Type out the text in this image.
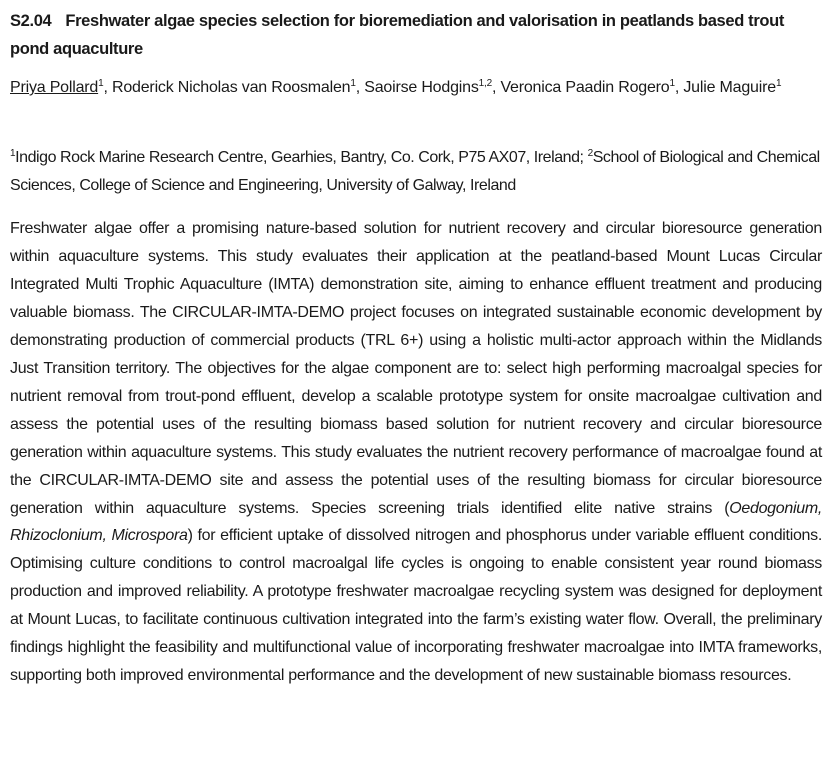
S2.04 Freshwater algae species selection for bioremediation and valorisation in peatlands based trout pond aquaculture
Priya Pollard$^1$, Roderick Nicholas van Roosmalen$^1$, Saoirse Hodgins$^{1,2}$, Veronica Paadin Rogero$^1$, Julie Maguire$^1$
$^1$Indigo Rock Marine Research Centre, Gearhies, Bantry, Co. Cork, P75 AX07, Ireland; $^2$School of Biological and Chemical Sciences, College of Science and Engineering, University of Galway, Ireland
Freshwater algae offer a promising nature-based solution for nutrient recovery and circular bioresource generation within aquaculture systems. This study evaluates their application at the peatland-based Mount Lucas Circular Integrated Multi Trophic Aquaculture (IMTA) demonstration site, aiming to enhance effluent treatment and producing valuable biomass. The CIRCULAR-IMTA-DEMO project focuses on integrated sustainable economic development by demonstrating production of commercial products (TRL 6+) using a holistic multi-actor approach within the Midlands Just Transition territory. The objectives for the algae component are to: select high performing macroalgal species for nutrient removal from trout-pond effluent, develop a scalable prototype system for onsite macroalgae cultivation and assess the potential uses of the resulting biomass based solution for nutrient recovery and circular bioresource generation within aquaculture systems. This study evaluates the nutrient recovery performance of macroalgae found at the CIRCULAR-IMTA-DEMO site and assess the potential uses of the resulting biomass for circular bioresource generation within aquaculture systems. Species screening trials identified elite native strains (Oedogonium, Rhizoclonium, Microspora) for efficient uptake of dissolved nitrogen and phosphorus under variable effluent conditions. Optimising culture conditions to control macroalgal life cycles is ongoing to enable consistent year round biomass production and improved reliability. A prototype freshwater macroalgae recycling system was designed for deployment at Mount Lucas, to facilitate continuous cultivation integrated into the farm’s existing water flow. Overall, the preliminary findings highlight the feasibility and multifunctional value of incorporating freshwater macroalgae into IMTA frameworks, supporting both improved environmental performance and the development of new sustainable biomass resources.
